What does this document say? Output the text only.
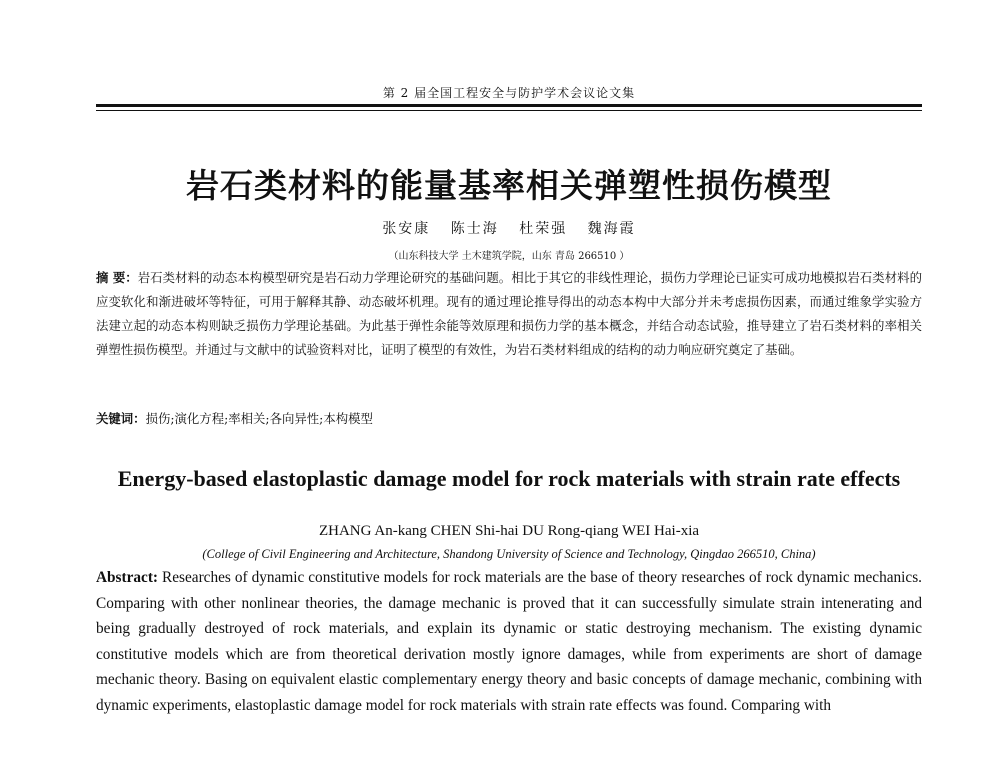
第 2 届全国工程安全与防护学术会议论文集
岩石类材料的能量基率相关弹塑性损伤模型
张安康 陈士海 杜荣强 魏海霞
（山东科技大学 土木建筑学院，山东 青岛 266510 ）
摘 要：岩石类材料的动态本构模型研究是岩石动力学理论研究的基础问题。相比于其它的非线性理论，损伤力学理论已证实可成功地模拟岩石类材料的应变软化和渐进破坏等特征，可用于解释其静、动态破坏机理。现有的通过理论推导得出的动态本构中大部分并未考虑损伤因素，而通过维象学实验方法建立起的动态本构则缺乏损伤力学理论基础。为此基于弹性余能等效原理和损伤力学的基本概念，并结合动态试验，推导建立了岩石类材料的率相关弹塑性损伤模型。并通过与文献中的试验资料对比，证明了模型的有效性，为岩石类材料组成的结构的动力响应研究奠定了基础。
关键词：损伤;演化方程;率相关;各向异性;本构模型
Energy-based elastoplastic damage model for rock materials with strain rate effects
ZHANG An-kang CHEN Shi-hai DU Rong-qiang WEI Hai-xia
(College of Civil Engineering and Architecture, Shandong University of Science and Technology, Qingdao 266510, China)
Abstract: Researches of dynamic constitutive models for rock materials are the base of theory researches of rock dynamic mechanics. Comparing with other nonlinear theories, the damage mechanic is proved that it can successfully simulate strain intenerating and being gradually destroyed of rock materials, and explain its dynamic or static destroying mechanism. The existing dynamic constitutive models which are from theoretical derivation mostly ignore damages, while from experiments are short of damage mechanic theory. Basing on equivalent elastic complementary energy theory and basic concepts of damage mechanic, combining with dynamic experiments, elastoplastic damage model for rock materials with strain rate effects was found. Comparing with
